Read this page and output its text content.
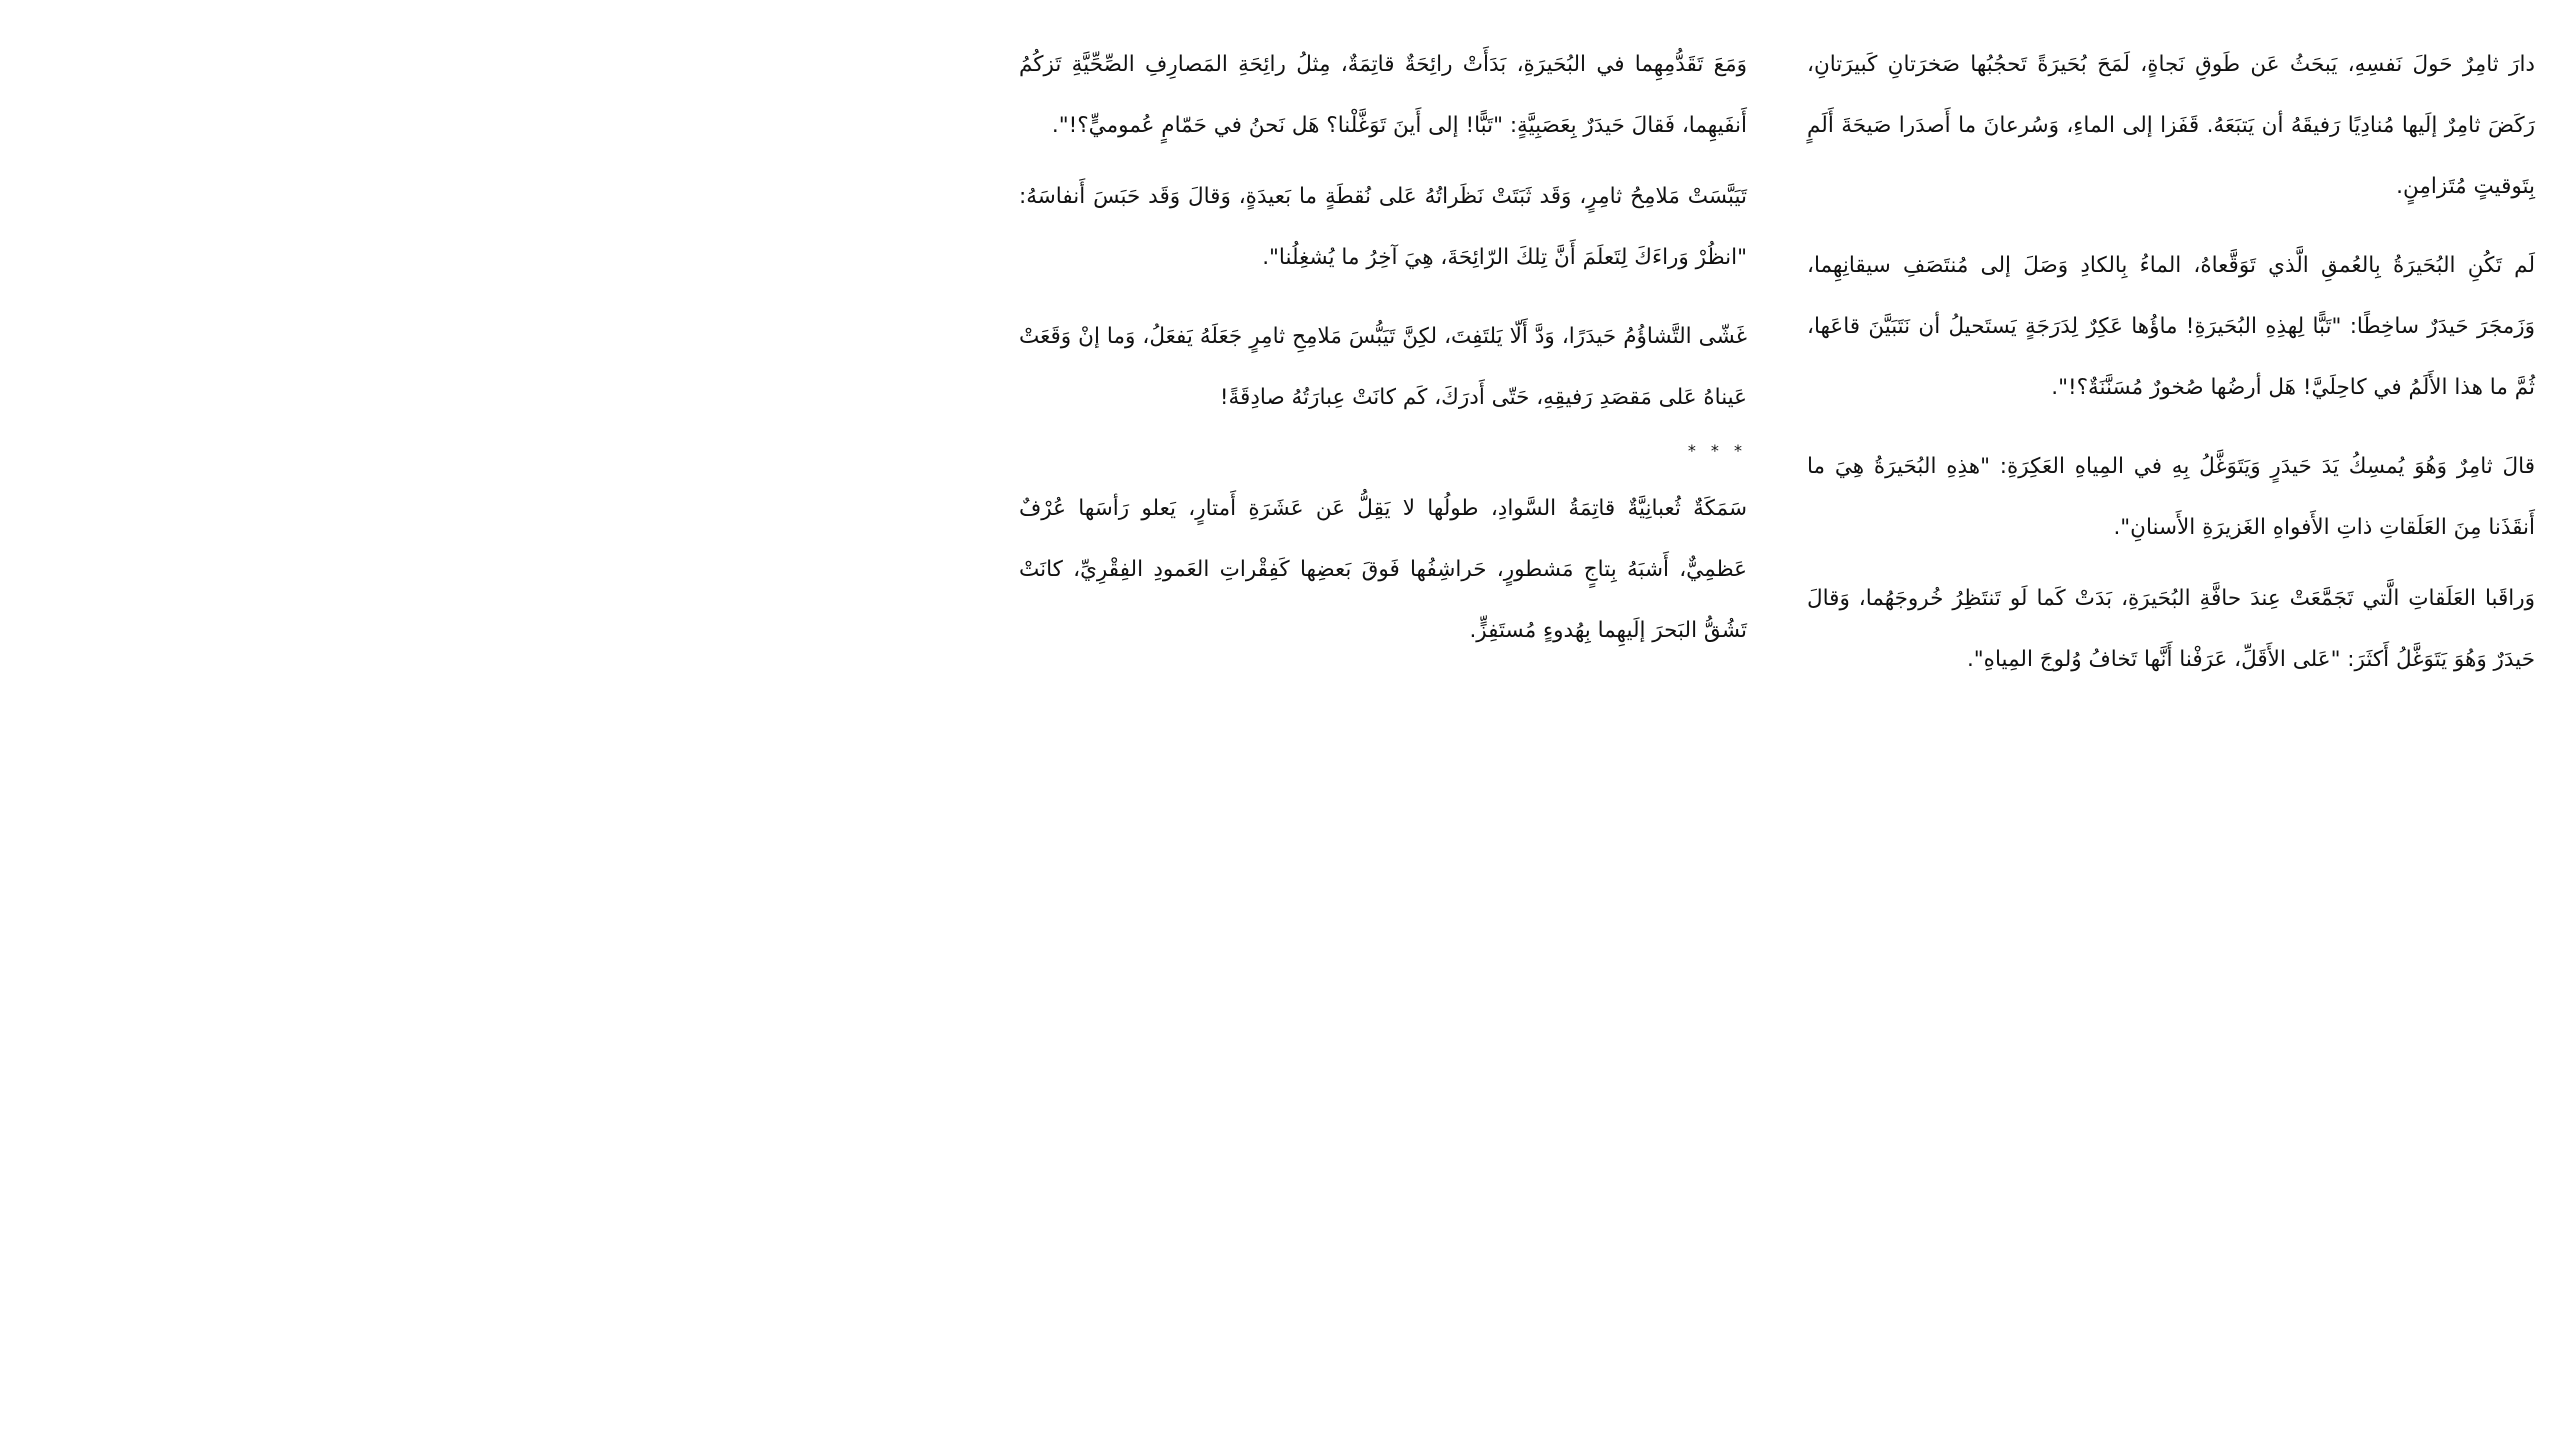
دارَ ثامِرٌ حَولَ نَفسِهِ، يَبحَثُ عَن طَوقِ نَجاةٍ، لَمَحَ بُحَيرَةً تَحجُبُها صَخرَتانِ كَبيرَتانِ، رَكَضَ ثامِرٌ إلَيها مُنادِيًا رَفيقَهُ أن يَتبَعَهُ. قَفَزا إلى الماءِ، وَسُرعانَ ما أَصدَرا صَيحَةَ أَلَمٍ بِتَوقيتٍ مُتَزامِنٍ.

لَم تَكُنِ البُحَيرَةُ بِالعُمقِ الَّذي تَوَقَّعاهُ، الماءُ بِالكادِ وَصَلَ إلى مُنتَصَفِ سيقانِهِما، وَزَمجَرَ حَيدَرٌ ساخِطًا: "تَبًّا لِهذِهِ البُحَيرَةِ! ماؤُها عَكِرٌ لِدَرَجَةٍ يَستَحيلُ أن نَتَبَيَّنَ قاعَها، ثُمَّ ما هذا الأَلَمُ في كاحِلَيَّ! هَل أرضُها صُخورٌ مُسَنَّنَةٌ؟!".

قالَ ثامِرٌ وَهُوَ يُمسِكُ يَدَ حَيدَرٍ وَيَتَوَغَّلُ بِهِ في المِياهِ العَكِرَةِ: "هذِهِ البُحَيرَةُ هِيَ ما أَنقَذَنا مِنَ العَلَقاتِ ذاتِ الأَفواهِ الغَزيرَةِ الأَسنانِ".

وَراقَبا العَلَقاتِ الَّتي تَجَمَّعَتْ عِندَ حافَّةِ البُحَيرَةِ، بَدَتْ كَما لَو تَنتَظِرُ خُروجَهُما، وَقالَ حَيدَرٌ وَهُوَ يَتَوَغَّلُ أَكثَرَ: "عَلى الأَقَلِّ، عَرَفْنا أَنَّها تَخافُ وُلوجَ المِياهِ".

وَمَعَ تَقَدُّمِهِما في البُحَيرَةِ، بَدَأَتْ رائِحَةٌ قاتِمَةٌ، مِثلُ رائِحَةِ المَصارِفِ الصِّحِّيَّةِ تَزكُمُ أَنفَيهِما، فَقالَ حَيدَرٌ بِعَصَبِيَّةٍ: "تَبًّا! إلى أَينَ تَوَغَّلْنا؟ هَل نَحنُ في حَمّامٍ عُموميٍّ؟!".

تَيَبَّسَتْ مَلامِحُ ثامِرٍ، وَقَد ثَبَتَتْ نَظَراتُهُ عَلى نُقطَةٍ ما بَعيدَةٍ، وَقالَ وَقَد حَبَسَ أَنفاسَهُ: "انظُرْ وَراءَكَ لِتَعلَمَ أَنَّ تِلكَ الرّائِحَةَ، هِيَ آخِرُ ما يُشغِلُنا".

غَشّى التَّشاؤُمُ حَيدَرًا، وَدَّ أَلّا يَلتَفِتَ، لكِنَّ تَيَبُّسَ مَلامِحِ ثامِرٍ جَعَلَهُ يَفعَلُ، وَما إنْ وَقَعَتْ عَيناهُ عَلى مَقصَدِ رَفيقِهِ، حَتّى أَدرَكَ، كَم كانَتْ عِبارَتُهُ صادِقَةً!

* * *

سَمَكَةٌ ثُعبانِيَّةٌ قاتِمَةُ السَّوادِ، طولُها لا يَقِلُّ عَن عَشَرَةِ أَمتارٍ، يَعلو رَأسَها عُرْفٌ عَظمِيٌّ، أَشبَهُ بِتاجٍ مَشطورٍ، حَراشِفُها فَوقَ بَعضِها كَفِقْراتِ العَمودِ الفِقْرِيِّ، كانَتْ تَشُقُّ البَحرَ إلَيهِما بِهُدوءٍ مُستَفِزٍّ.
